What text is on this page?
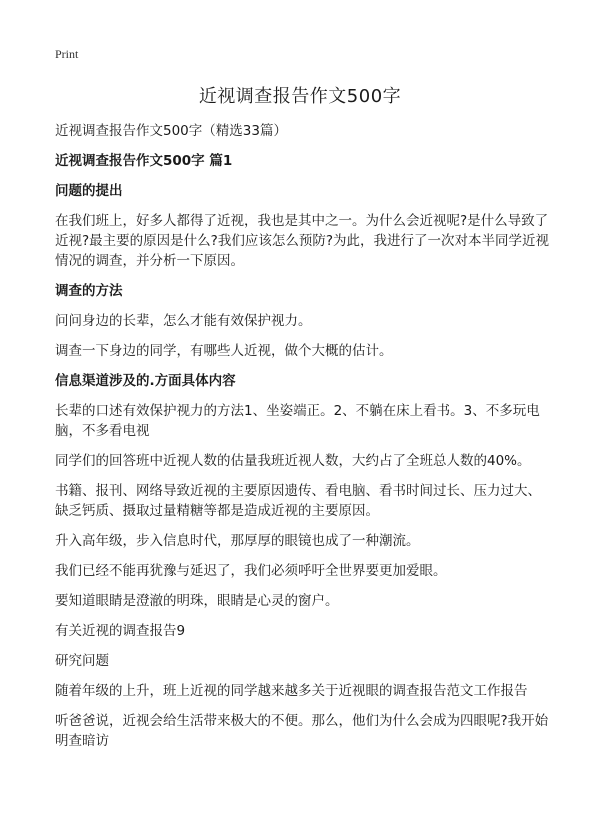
Print
近视调查报告作文500字

近视调查报告作文500字（精选33篇）

近视调查报告作文500字 篇1

问题的提出

在我们班上，好多人都得了近视，我也是其中之一。为什么会近视呢?是什么导致了近视?最主要的原因是什么?我们应该怎么预防?为此，我进行了一次对本半同学近视情况的调查，并分析一下原因。

调查的方法

问问身边的长辈，怎么才能有效保护视力。

调查一下身边的同学，有哪些人近视，做个大概的估计。

信息渠道涉及的.方面具体内容

长辈的口述有效保护视力的方法1、坐姿端正。2、不躺在床上看书。3、不多玩电脑，不多看电视

同学们的回答班中近视人数的估量我班近视人数，大约占了全班总人数的40%。

书籍、报刊、网络导致近视的主要原因遗传、看电脑、看书时间过长、压力过大、缺乏钙质、摄取过量精糖等都是造成近视的主要原因。

升入高年级，步入信息时代，那厚厚的眼镜也成了一种潮流。

我们已经不能再犹豫与延迟了，我们必须呼吁全世界要更加爱眼。

要知道眼睛是澄澈的明珠，眼睛是心灵的窗户。

有关近视的调查报告9

研究问题

随着年级的上升，班上近视的同学越来越多关于近视眼的调查报告范文工作报告

听爸爸说，近视会给生活带来极大的不便。那么，他们为什么会成为四眼呢?我开始明查暗访
